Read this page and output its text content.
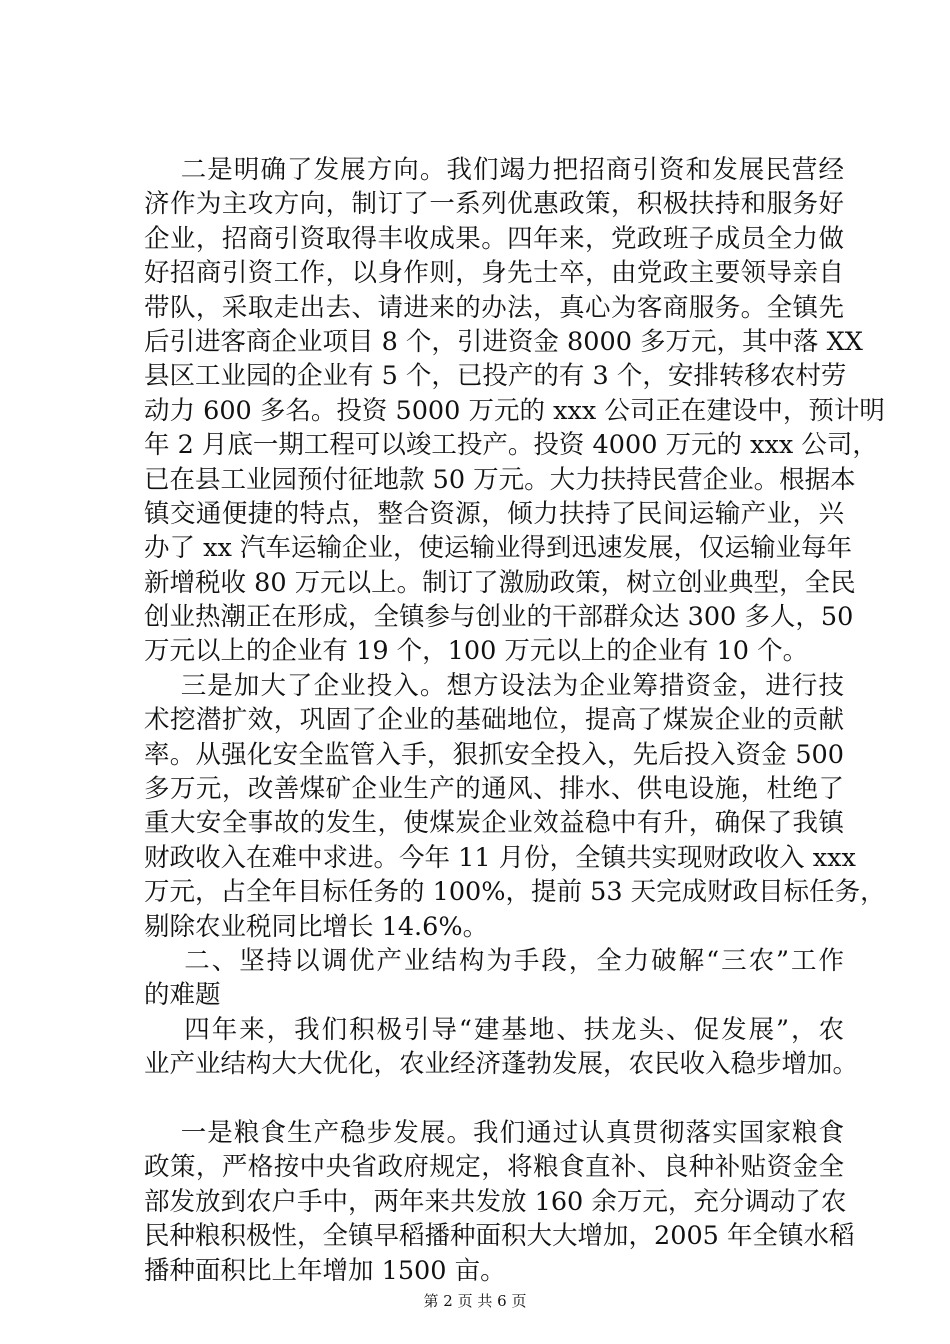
二是明确了发展方向。我们竭力把招商引资和发展民营经
济作为主攻方向，制订了一系列优惠政策，积极扶持和服务好
企业，招商引资取得丰收成果。四年来，党政班子成员全力做
好招商引资工作，以身作则，身先士卒，由党政主要领导亲自
带队，采取走出去、请进来的办法，真心为客商服务。全镇先
后引进客商企业项目 8 个，引进资金 8000 多万元，其中落 XX
县区工业园的企业有 5 个，已投产的有 3 个，安排转移农村劳
动力 600 多名。投资 5000 万元的 xxx 公司正在建设中，预计明
年 2 月底一期工程可以竣工投产。投资 4000 万元的 xxx 公司，
已在县工业园预付征地款 50 万元。大力扶持民营企业。根据本
镇交通便捷的特点，整合资源，倾力扶持了民间运输产业，兴
办了 xx 汽车运输企业，使运输业得到迅速发展，仅运输业每年
新增税收 80 万元以上。制订了激励政策，树立创业典型，全民
创业热潮正在形成，全镇参与创业的干部群众达 300 多人，50
万元以上的企业有 19 个，100 万元以上的企业有 10 个。
三是加大了企业投入。想方设法为企业筹措资金，进行技
术挖潜扩效，巩固了企业的基础地位，提高了煤炭企业的贡献
率。从强化安全监管入手，狠抓安全投入，先后投入资金 500
多万元，改善煤矿企业生产的通风、排水、供电设施，杜绝了
重大安全事故的发生，使煤炭企业效益稳中有升，确保了我镇
财政收入在难中求进。今年 11 月份，全镇共实现财政收入 xxx
万元，占全年目标任务的 100%，提前 53 天完成财政目标任务，
剔除农业税同比增长 14.6%。
二、坚持以调优产业结构为手段，全力破解“三农”工作
的难题
四年来，我们积极引导“建基地、扶龙头、促发展”，农
业产业结构大大优化，农业经济蓬勃发展，农民收入稳步增加。
一是粮食生产稳步发展。我们通过认真贯彻落实国家粮食
政策，严格按中央省政府规定，将粮食直补、良种补贴资金全
部发放到农户手中，两年来共发放 160 余万元，充分调动了农
民种粮积极性，全镇早稻播种面积大大增加，2005 年全镇水稻
播种面积比上年增加 1500 亩。
第 2 页 共 6 页
